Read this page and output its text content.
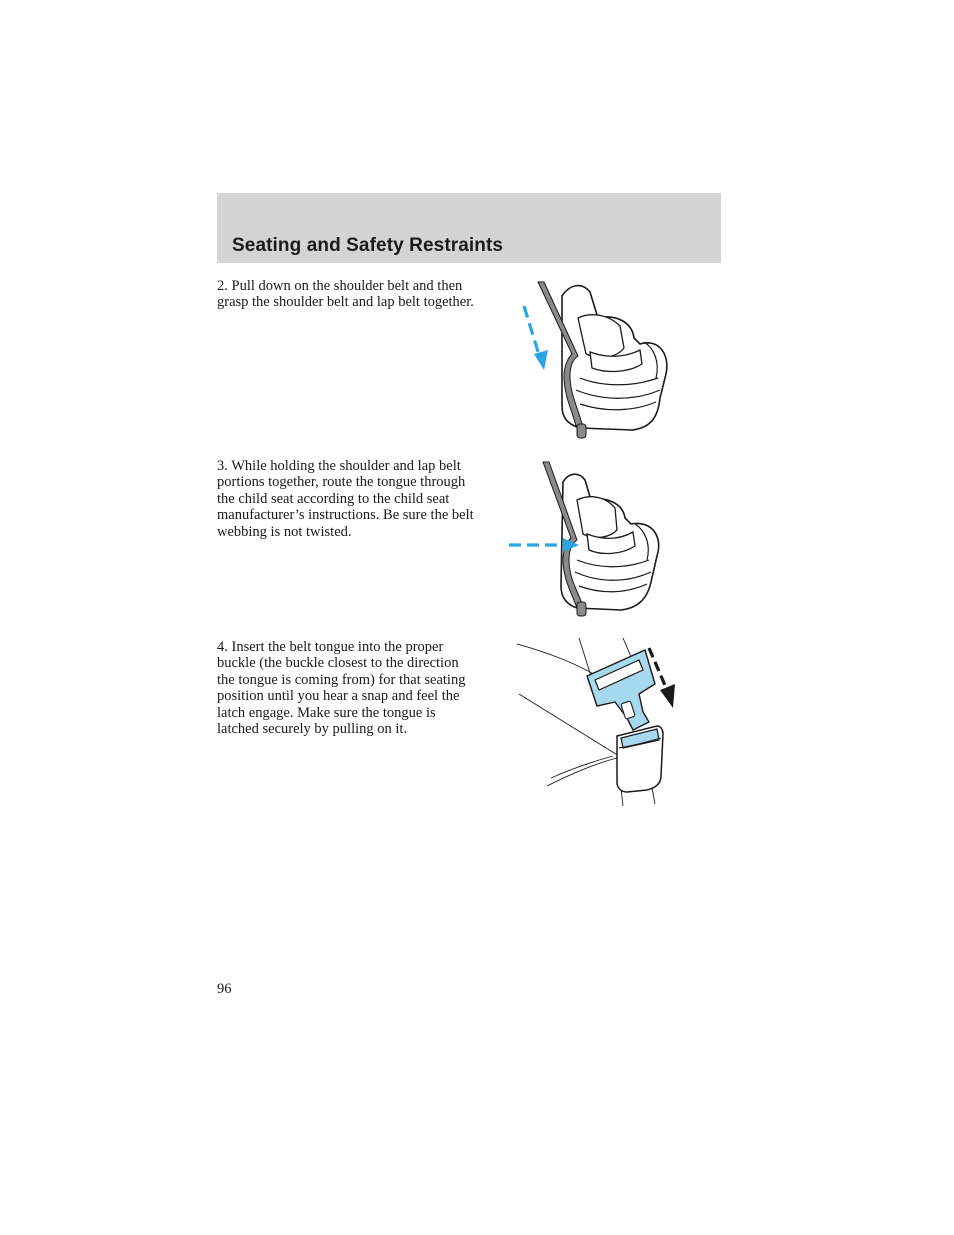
Seating and Safety Restraints

2. Pull down on the shoulder belt and then grasp the shoulder belt and lap belt together.

3. While holding the shoulder and lap belt portions together, route the tongue through the child seat according to the child seat manufacturer’s instructions. Be sure the belt webbing is not twisted.

4. Insert the belt tongue into the proper buckle (the buckle closest to the direction the tongue is coming from) for that seating position until you hear a snap and feel the latch engage. Make sure the tongue is latched securely by pulling on it.

96
